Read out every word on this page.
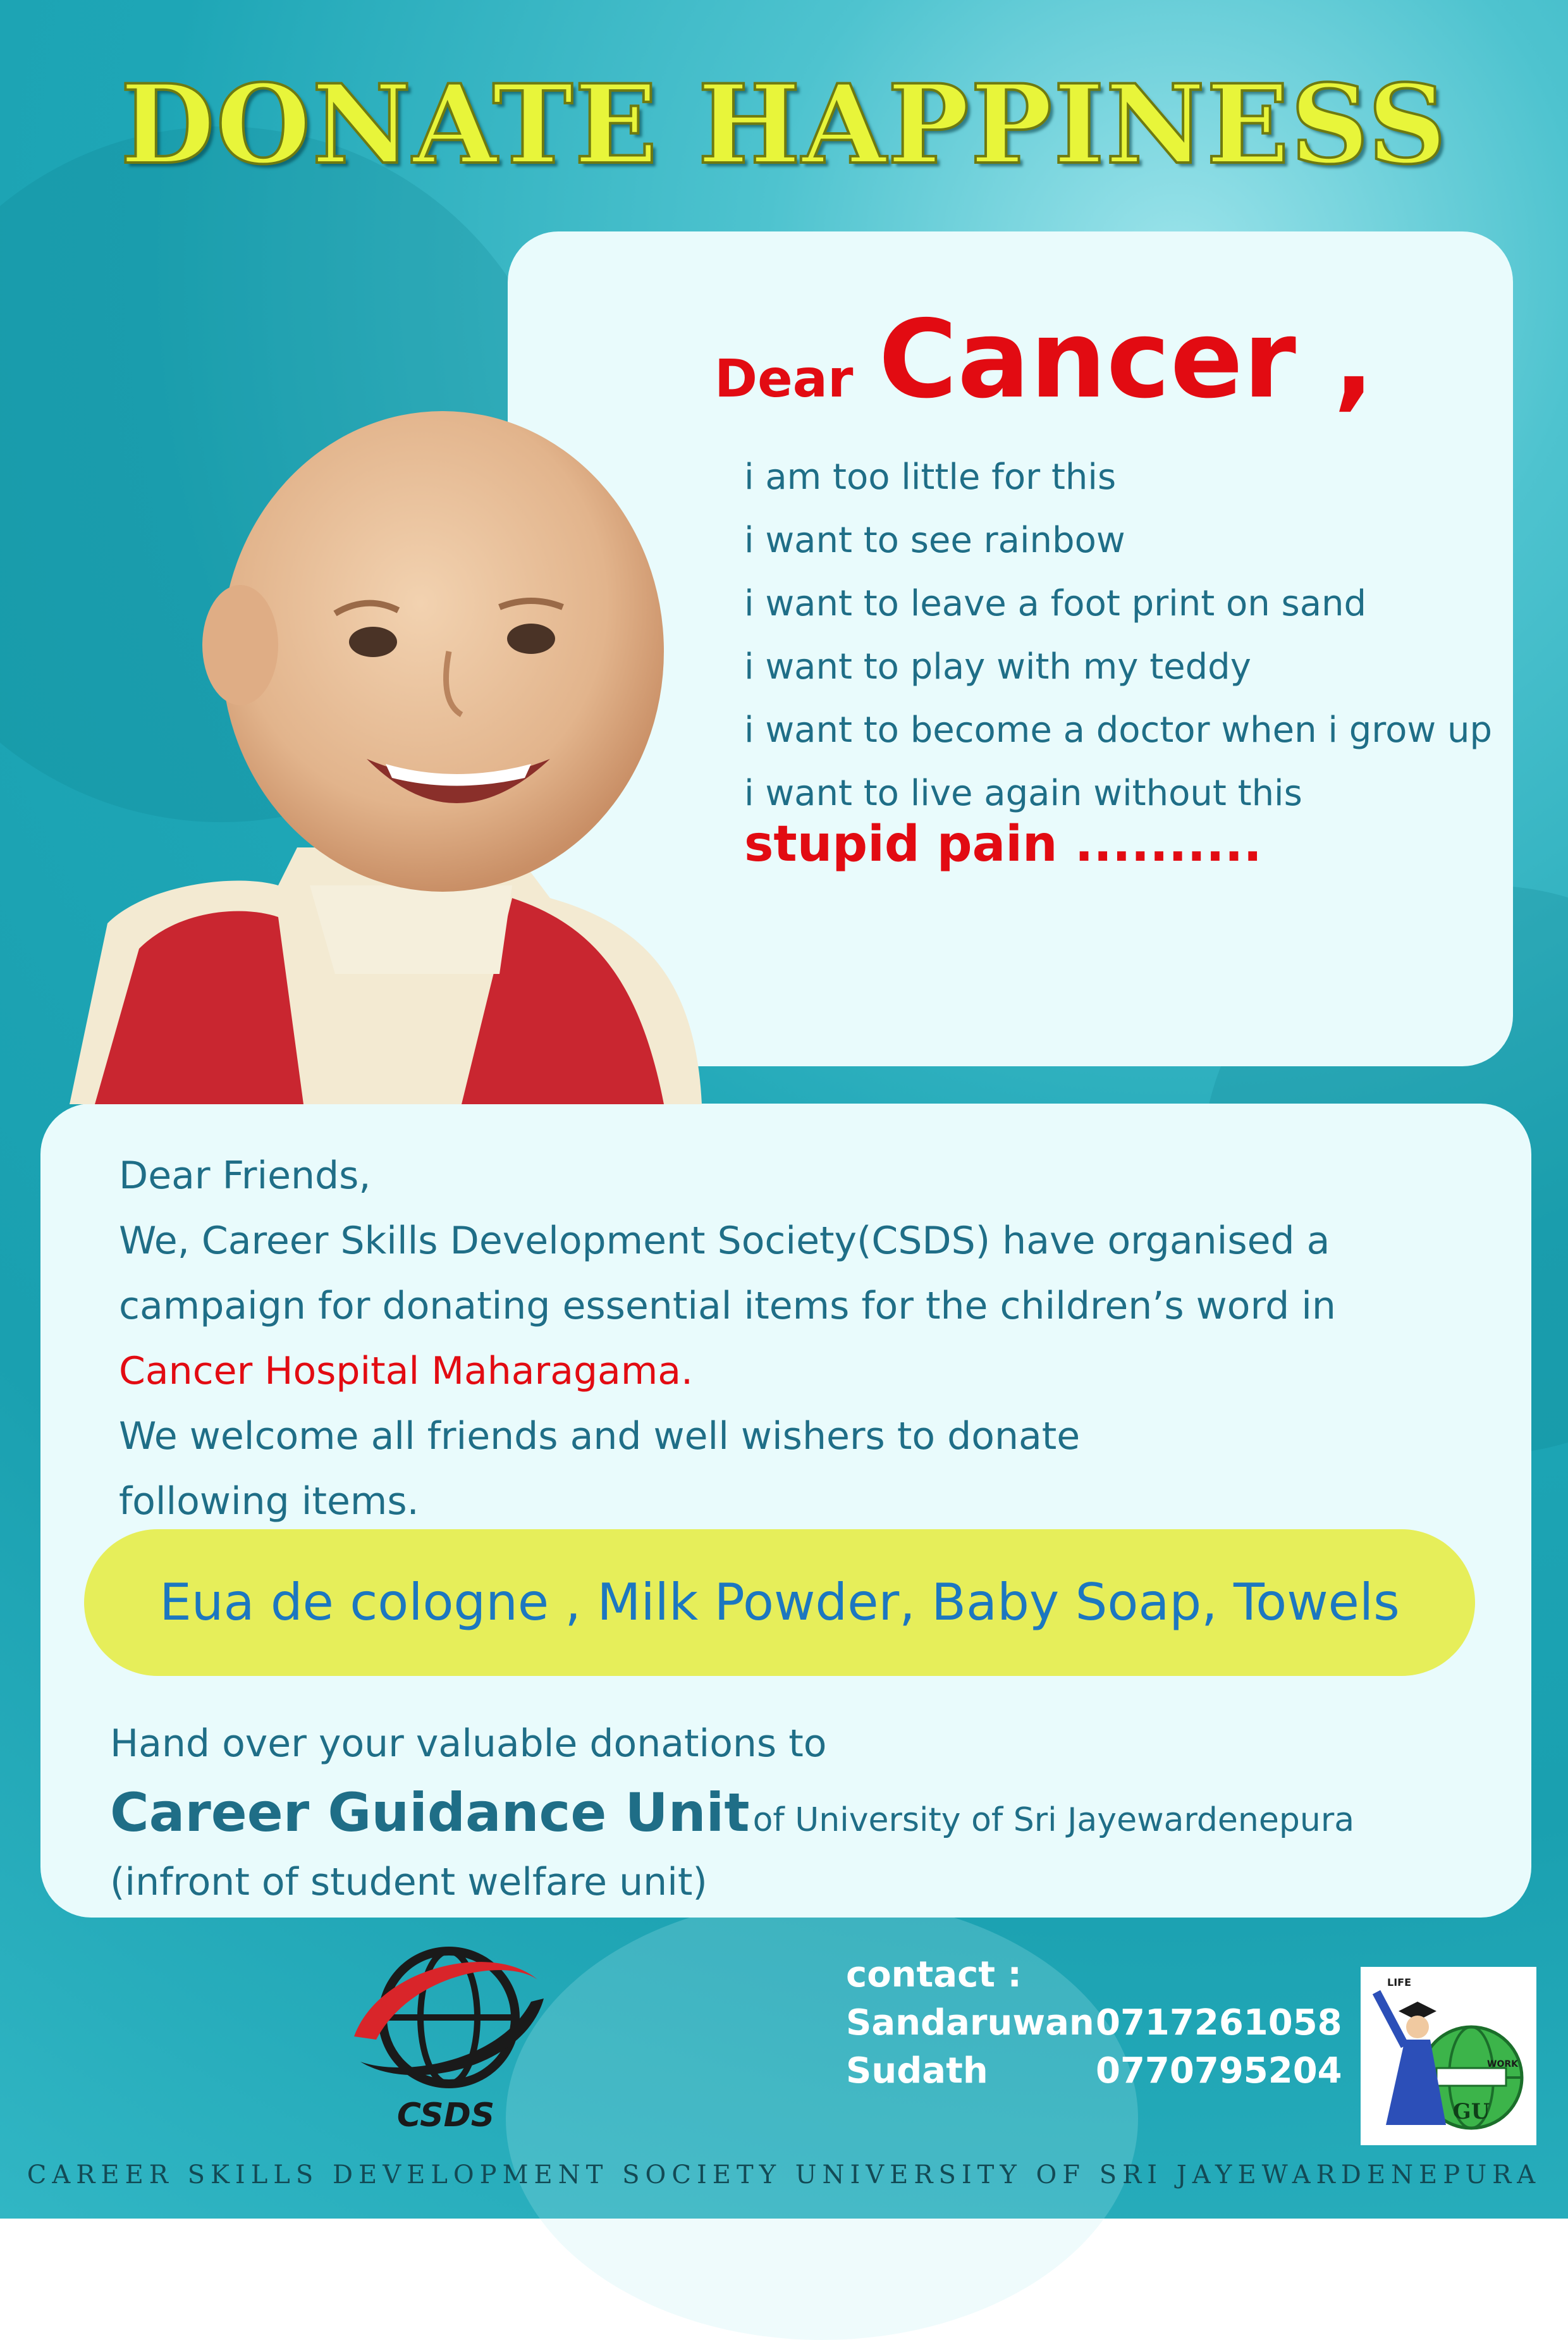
DONATE HAPPINESS
Dear Cancer ,
i am too little for this
i want to see rainbow
i want to leave a foot print on sand
i want to play with my teddy
i want to become a doctor when i grow up
i want to live again without this
stupid pain ..........
Dear Friends,
We, Career Skills Development Society(CSDS) have organised a
campaign for donating essential items for the children’s word in
Cancer Hospital Maharagama.
We welcome all friends and well wishers to donate
following items.
Eua de cologne , Milk Powder, Baby Soap, Towels
Hand over your valuable donations to
Career Guidance Unit of University of Sri Jayewardenepura
(infront of student welfare unit)
CSDS
contact :
Sandaruwan0717261058
Sudath	0770795204
LIFE
WORK
GU
CAREER SKILLS DEVELOPMENT SOCIETY UNIVERSITY OF SRI JAYEWARDENEPURA
